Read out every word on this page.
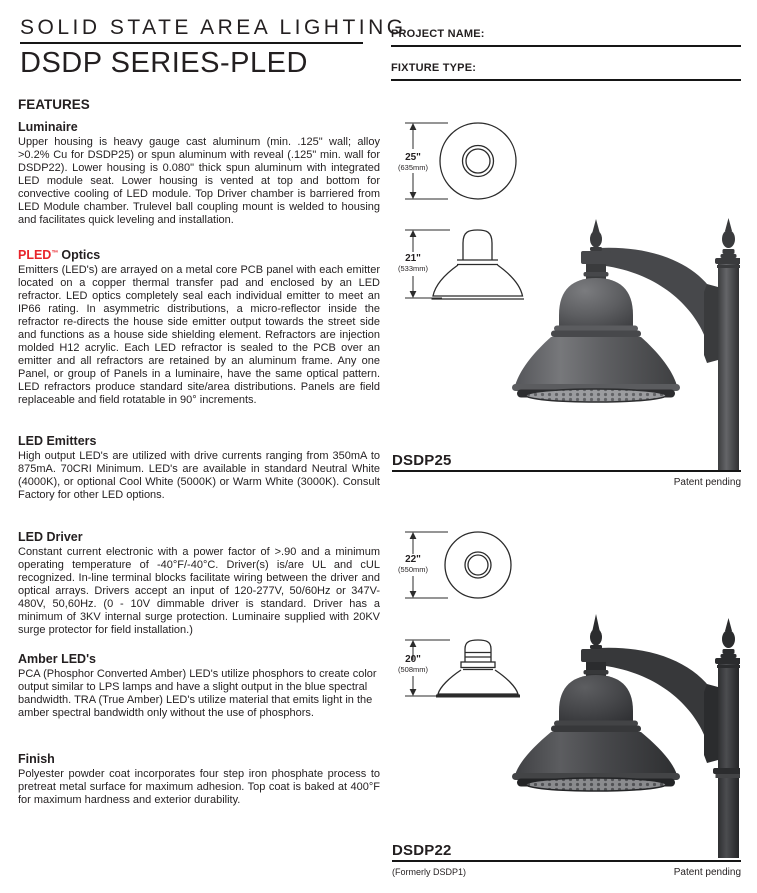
SOLID STATE AREA LIGHTING
DSDP SERIES-PLED
PROJECT NAME:
FIXTURE TYPE:
FEATURES
Luminaire
Upper housing is heavy gauge cast aluminum (min. .125" wall; alloy >0.2% Cu for DSDP25) or spun aluminum with reveal (.125" min. wall for DSDP22). Lower housing is 0.080" thick spun aluminum with integrated LED module seat. Lower housing is vented at top and bottom for convective cooling of LED module. Top Driver chamber is barriered from LED Module chamber. Trulevel ball coupling mount is welded to housing and facilitates quick leveling and installation.
PLED™ Optics
Emitters (LED's) are arrayed on a metal core PCB panel with each emitter located on a copper thermal transfer pad and enclosed by an LED refractor. LED optics completely seal each individual emitter to meet an IP66 rating. In asymmetric distributions, a micro-reflector inside the refractor re-directs the house side emitter output towards the street side and functions as a house side shielding element. Refractors are injection molded H12 acrylic. Each LED refractor is sealed to the PCB over an emitter and all refractors are retained by an aluminum frame. Any one Panel, or group of Panels in a luminaire, have the same optical pattern. LED refractors produce standard site/area distributions. Panels are field replaceable and field rotatable in 90° increments.
LED Emitters
High output LED's are utilized with drive currents ranging from 350mA to 875mA. 70CRI Minimum. LED's are available in standard Neutral White (4000K), or optional Cool White (5000K) or Warm White (3000K). Consult Factory for other LED options.
LED Driver
Constant current electronic with a power factor of >.90 and a minimum operating temperature of -40°F/-40°C. Driver(s) is/are UL and cUL recognized. In-line terminal blocks facilitate wiring between the driver and optical arrays. Drivers accept an input of 120-277V, 50/60Hz or 347V-480V, 50,60Hz. (0 - 10V dimmable driver is standard. Driver has a minimum of 3KV internal surge protection. Luminaire supplied with 20KV surge protector for field installation.)
Amber LED's
PCA (Phosphor Converted Amber) LED's utilize phosphors to create color output similar to LPS lamps and have a slight output in the blue spectral bandwidth. TRA (True Amber) LED's utilize material that emits light in the amber spectral bandwidth only without the use of phosphors.
Finish
Polyester powder coat incorporates four step iron phosphate process to pretreat metal surface for maximum adhesion. Top coat is baked at 400°F for maximum hardness and exterior durability.
25"
(635mm)
21"
(533mm)
22"
(550mm)
20"
(508mm)
DSDP25
Patent pending
DSDP22
(Formerly DSDP1)	Patent pending
